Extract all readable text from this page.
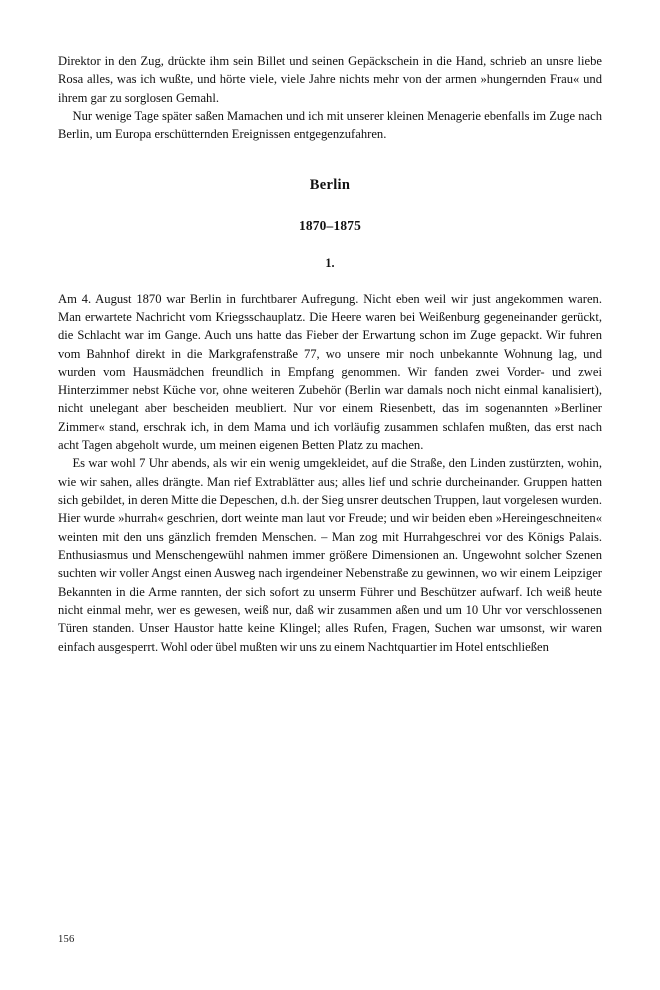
Direktor in den Zug, drückte ihm sein Billet und seinen Gepäckschein in die Hand, schrieb an unsre liebe Rosa alles, was ich wußte, und hörte viele, viele Jahre nichts mehr von der armen »hungernden Frau« und ihrem gar zu sorglosen Gemahl.

Nur wenige Tage später saßen Mamachen und ich mit unserer kleinen Menagerie ebenfalls im Zuge nach Berlin, um Europa erschütternden Ereignissen entgegenzufahren.

Berlin
1870–1875
1.

Am 4. August 1870 war Berlin in furchtbarer Aufregung. Nicht eben weil wir just angekommen waren. Man erwartete Nachricht vom Kriegsschauplatz. Die Heere waren bei Weißenburg gegeneinander gerückt, die Schlacht war im Gange. Auch uns hatte das Fieber der Erwartung schon im Zuge gepackt. Wir fuhren vom Bahnhof direkt in die Markgrafenstraße 77, wo unsere mir noch unbekannte Wohnung lag, und wurden vom Hausmädchen freundlich in Empfang genommen. Wir fanden zwei Vorder- und zwei Hinterzimmer nebst Küche vor, ohne weiteren Zubehör (Berlin war damals noch nicht einmal kanalisiert), nicht unelegant aber bescheiden meubliert. Nur vor einem Riesenbett, das im sogenannten »Berliner Zimmer« stand, erschrak ich, in dem Mama und ich vorläufig zusammen schlafen mußten, das erst nach acht Tagen abgeholt wurde, um meinen eigenen Betten Platz zu machen.

Es war wohl 7 Uhr abends, als wir ein wenig umgekleidet, auf die Straße, den Linden zustürzten, wohin, wie wir sahen, alles drängte. Man rief Extrablätter aus; alles lief und schrie durcheinander. Gruppen hatten sich gebildet, in deren Mitte die Depeschen, d.h. der Sieg unsrer deutschen Truppen, laut vorgelesen wurden. Hier wurde »hurrah« geschrien, dort weinte man laut vor Freude; und wir beiden eben »Hereingeschneiten« weinten mit den uns gänzlich fremden Menschen. – Man zog mit Hurrahgeschrei vor des Königs Palais. Enthusiasmus und Menschengewühl nahmen immer größere Dimensionen an. Ungewohnt solcher Szenen suchten wir voller Angst einen Ausweg nach irgendeiner Nebenstraße zu gewinnen, wo wir einem Leipziger Bekannten in die Arme rannten, der sich sofort zu unserm Führer und Beschützer aufwarf. Ich weiß heute nicht einmal mehr, wer es gewesen, weiß nur, daß wir zusammen aßen und um 10 Uhr vor verschlossenen Türen standen. Unser Haustor hatte keine Klingel; alles Rufen, Fragen, Suchen war umsonst, wir waren einfach ausgesperrt. Wohl oder übel mußten wir uns zu einem Nachtquartier im Hotel entschließen

156
